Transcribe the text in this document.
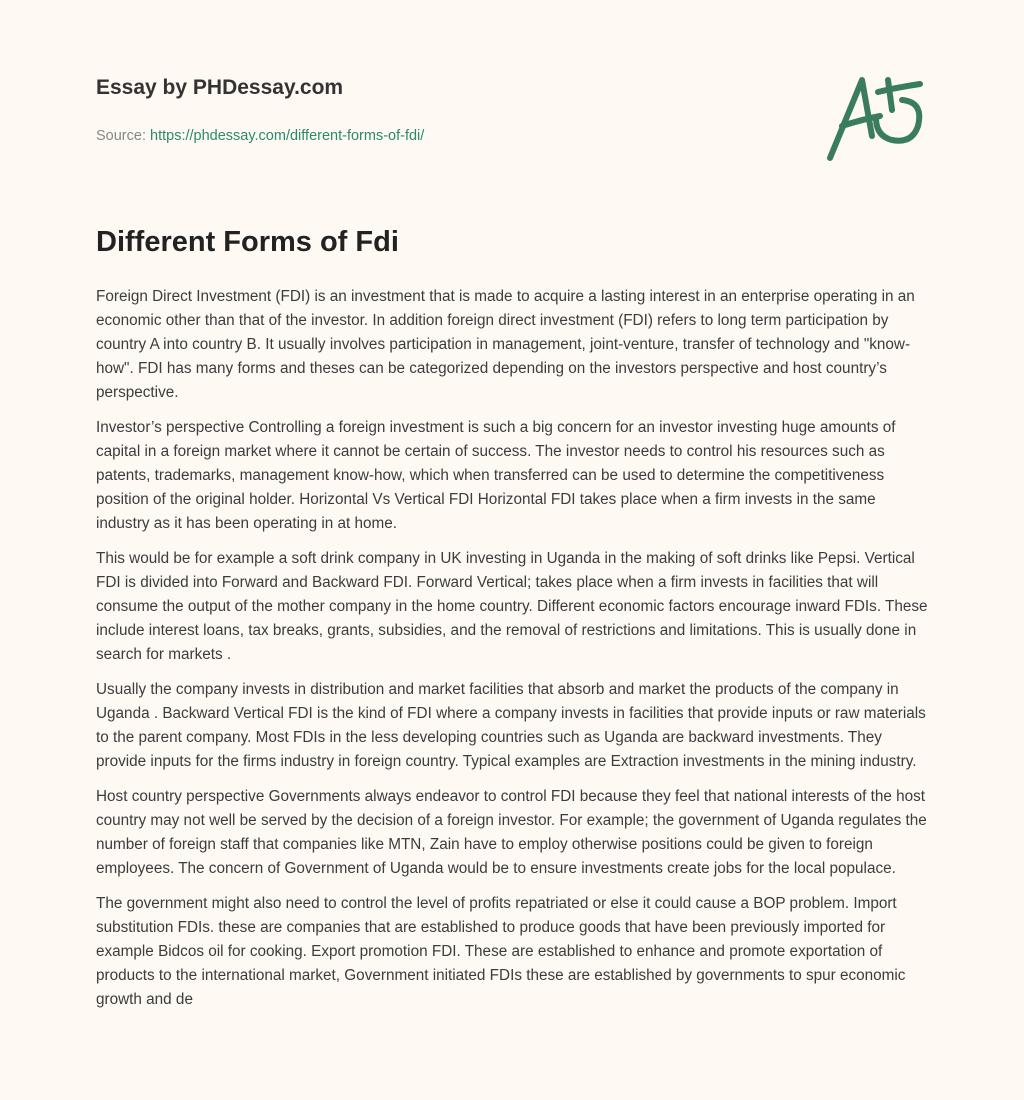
Essay by PHDessay.com
Source: https://phdessay.com/different-forms-of-fdi/
Different Forms of Fdi

Foreign Direct Investment (FDI) is an investment that is made to acquire a lasting interest in an enterprise operating in an economic other than that of the investor. In addition foreign direct investment (FDI) refers to long term participation by country A into country B. It usually involves participation in management, joint-venture, transfer of technology and "know-how". FDI has many forms and theses can be categorized depending on the investors perspective and host country’s perspective.

Investor’s perspective Controlling a foreign investment is such a big concern for an investor investing huge amounts of capital in a foreign market where it cannot be certain of success. The investor needs to control his resources such as patents, trademarks, management know-how, which when transferred can be used to determine the competitiveness position of the original holder. Horizontal Vs Vertical FDI Horizontal FDI takes place when a firm invests in the same industry as it has been operating in at home.

This would be for example a soft drink company in UK investing in Uganda in the making of soft drinks like Pepsi. Vertical FDI is divided into Forward and Backward FDI. Forward Vertical; takes place when a firm invests in facilities that will consume the output of the mother company in the home country. Different economic factors encourage inward FDIs. These include interest loans, tax breaks, grants, subsidies, and the removal of restrictions and limitations. This is usually done in search for markets .

Usually the company invests in distribution and market facilities that absorb and market the products of the company in Uganda . Backward Vertical FDI is the kind of FDI where a company invests in facilities that provide inputs or raw materials to the parent company. Most FDIs in the less developing countries such as Uganda are backward investments. They provide inputs for the firms industry in foreign country. Typical examples are Extraction investments in the mining industry.

Host country perspective Governments always endeavor to control FDI because they feel that national interests of the host country may not well be served by the decision of a foreign investor. For example; the government of Uganda regulates the number of foreign staff that companies like MTN, Zain have to employ otherwise positions could be given to foreign employees. The concern of Government of Uganda would be to ensure investments create jobs for the local populace.

The government might also need to control the level of profits repatriated or else it could cause a BOP problem. Import substitution FDIs. these are companies that are established to produce goods that have been previously imported for example Bidcos oil for cooking. Export promotion FDI. These are established to enhance and promote exportation of products to the international market, Government initiated FDIs these are established by governments to spur economic growth and de
